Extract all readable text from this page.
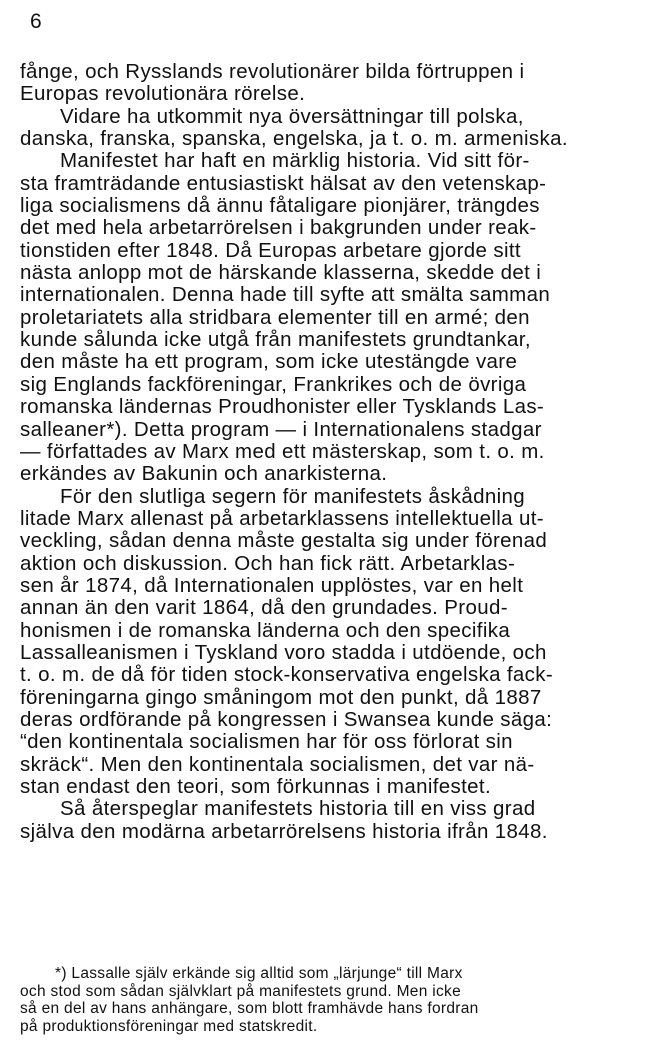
6
fånge, och Rysslands revolutionärer bilda förtruppen i
Europas revolutionära rörelse.
Vidare ha utkommit nya översättningar till polska,
danska, franska, spanska, engelska, ja t. o. m. armeniska.
Manifestet har haft en märklig historia. Vid sitt för-
sta framträdande entusiastiskt hälsat av den vetenskap-
liga socialismens då ännu fåtaligare pionjärer, trängdes
det med hela arbetarrörelsen i bakgrunden under reak-
tionstiden efter 1848. Då Europas arbetare gjorde sitt
nästa anlopp mot de härskande klasserna, skedde det i
internationalen. Denna hade till syfte att smälta samman
proletariatets alla stridbara elementer till en armé; den
kunde sålunda icke utgå från manifestets grundtankar,
den måste ha ett program, som icke utestängde vare
sig Englands fackföreningar, Frankrikes och de övriga
romanska ländernas Proudhonister eller Tysklands Las-
salleaner*). Detta program — i Internationalens stadgar
— författades av Marx med ett mästerskap, som t. o. m.
erkändes av Bakunin och anarkisterna.
För den slutliga segern för manifestets åskådning
litade Marx allenast på arbetarklassens intellektuella ut-
veckling, sådan denna måste gestalta sig under förenad
aktion och diskussion. Och han fick rätt. Arbetarklas-
sen år 1874, då Internationalen upplöstes, var en helt
annan än den varit 1864, då den grundades. Proud-
honismen i de romanska länderna och den specifika
Lassalleanismen i Tyskland voro stadda i utdöende, och
t. o. m. de då för tiden stock-konservativa engelska fack-
föreningarna gingo småningom mot den punkt, då 1887
deras ordförande på kongressen i Swansea kunde säga:
“den kontinentala socialismen har för oss förlorat sin
skräck“. Men den kontinentala socialismen, det var nä-
stan endast den teori, som förkunnas i manifestet.
Så återspeglar manifestets historia till en viss grad
själva den modärna arbetarrörelsens historia ifrån 1848.
*) Lassalle själv erkände sig alltid som „lärjunge“ till Marx
och stod som sådan självklart på manifestets grund. Men icke
så en del av hans anhängare, som blott framhävde hans fordran
på produktionsföreningar med statskredit.
